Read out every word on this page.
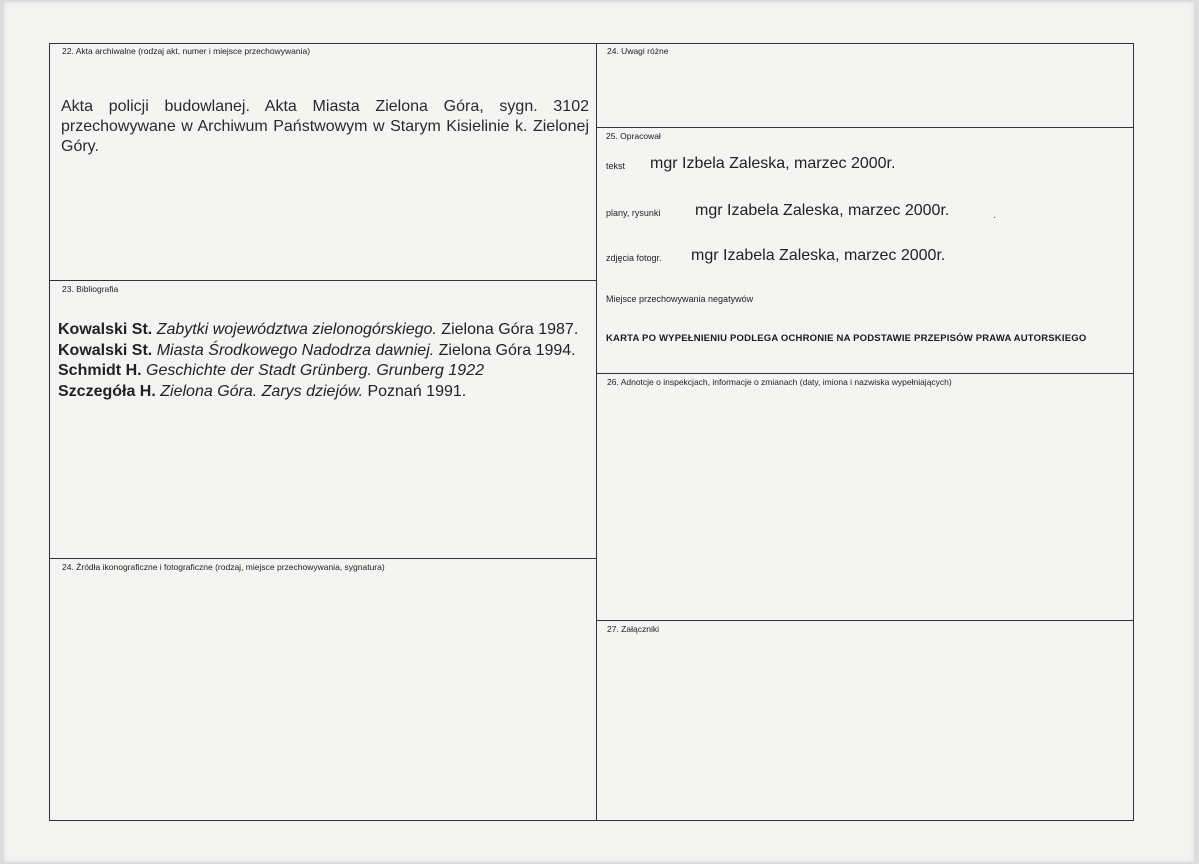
22. Akta archiwalne (rodzaj akt, numer i miejsce przechowywania)
Akta policji budowlanej. Akta Miasta Zielona Góra, sygn. 3102 przechowywane w Archiwum Państwowym w Starym Kisielinie k. Zielonej Góry.
23. Bibliografia
Kowalski St. Zabytki województwa zielonogórskiego. Zielona Góra 1987.
Kowalski St. Miasta Środkowego Nadodrza dawniej. Zielona Góra 1994.
Schmidt H. Geschichte der Stadt Grünberg. Grunberg 1922
Szczegóła H. Zielona Góra. Zarys dziejów. Poznań 1991.
24. Źródła ikonograficzne i fotograficzne (rodzaj, miejsce przechowywania, sygnatura)
24. Uwagi różne
25. Opracował
tekst mgr Izbela Zaleska, marzec 2000r.
plany, rysunki mgr Izabela Zaleska, marzec 2000r.	·
zdjęcia fotogr. mgr Izabela Zaleska, marzec 2000r.
Miejsce przechowywania negatywów
KARTA PO WYPEŁNIENIU PODLEGA OCHRONIE NA PODSTAWIE PRZEPISÓW PRAWA AUTORSKIEGO
26. Adnotcje o inspekcjach, informacje o zmianach (daty, imiona i nazwiska wypełniających)
27. Załączniki
